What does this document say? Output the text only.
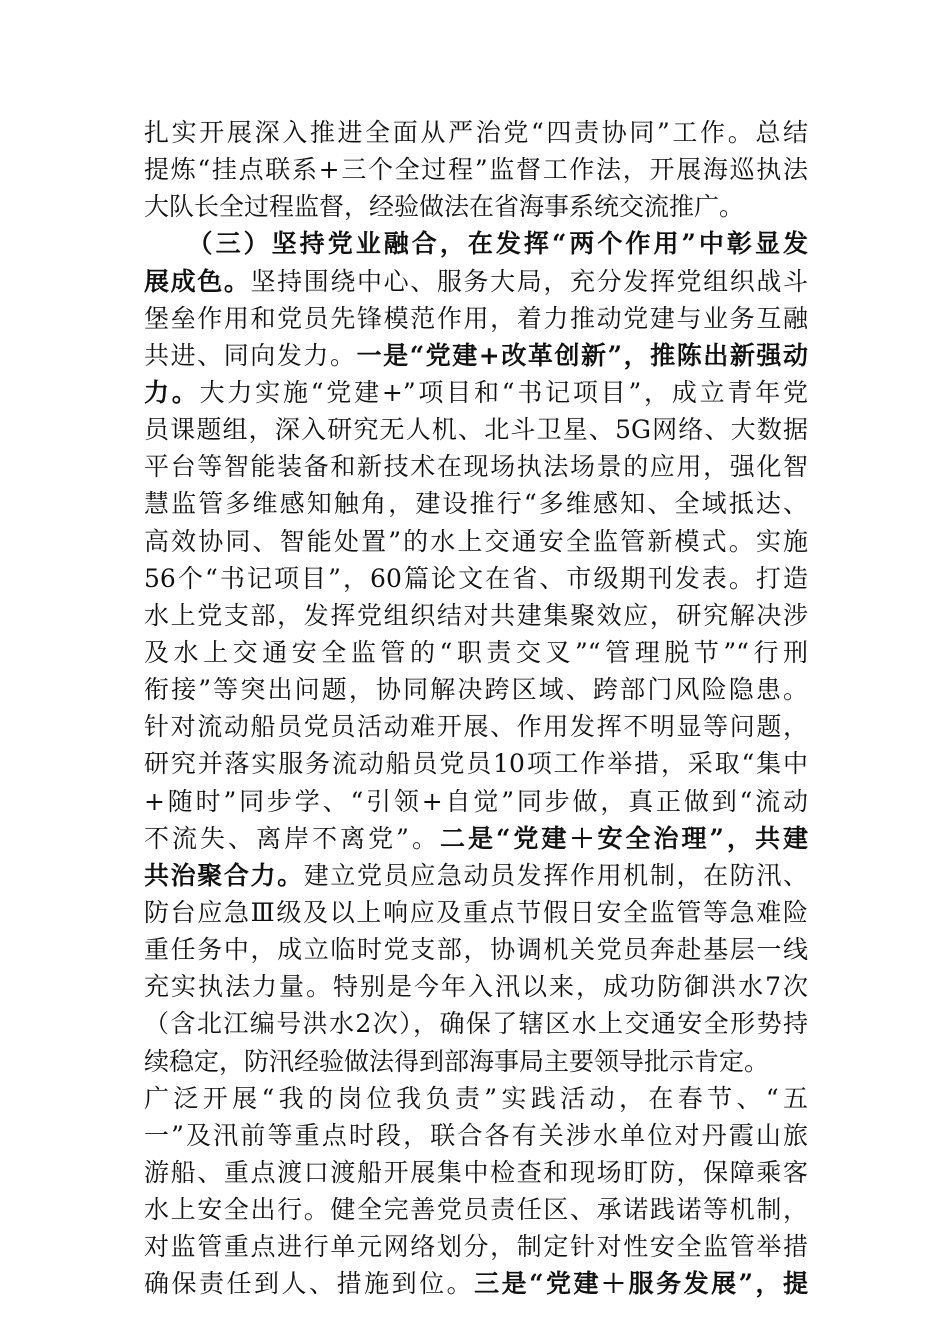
扎实开展深入推进全面从严治党“四责协同”工作。总结
提炼“挂点联系+三个全过程”监督工作法，开展海巡执法
大队长全过程监督，经验做法在省海事系统交流推广。
　　（三）坚持党业融合，在发挥“两个作用”中彰显发
展成色。坚持围绕中心、服务大局，充分发挥党组织战斗
堡垒作用和党员先锋模范作用，着力推动党建与业务互融
共进、同向发力。一是“党建+改革创新”，推陈出新强动
力。大力实施“党建+”项目和“书记项目”，成立青年党
员课题组，深入研究无人机、北斗卫星、5G网络、大数据
平台等智能装备和新技术在现场执法场景的应用，强化智
慧监管多维感知触角，建设推行“多维感知、全域抵达、
高效协同、智能处置”的水上交通安全监管新模式。实施
56个“书记项目”，60篇论文在省、市级期刊发表。打造
水上党支部，发挥党组织结对共建集聚效应，研究解决涉
及水上交通安全监管的“职责交叉”“管理脱节”“行刑
衔接”等突出问题，协同解决跨区域、跨部门风险隐患。
针对流动船员党员活动难开展、作用发挥不明显等问题，
研究并落实服务流动船员党员10项工作举措，采取“集中
+随时”同步学、“引领+自觉”同步做，真正做到“流动
不流失、离岸不离党”。二是“党建＋安全治理”，共建
共治聚合力。建立党员应急动员发挥作用机制，在防汛、
防台应急Ⅲ级及以上响应及重点节假日安全监管等急难险
重任务中，成立临时党支部，协调机关党员奔赴基层一线
充实执法力量。特别是今年入汛以来，成功防御洪水7次
（含北江编号洪水2次），确保了辖区水上交通安全形势持
续稳定，防汛经验做法得到部海事局主要领导批示肯定。
广泛开展“我的岗位我负责”实践活动，在春节、“五
一”及汛前等重点时段，联合各有关涉水单位对丹霞山旅
游船、重点渡口渡船开展集中检查和现场盯防，保障乘客
水上安全出行。健全完善党员责任区、承诺践诺等机制，
对监管重点进行单元网络划分，制定针对性安全监管举措
确保责任到人、措施到位。三是“党建＋服务发展”，提
